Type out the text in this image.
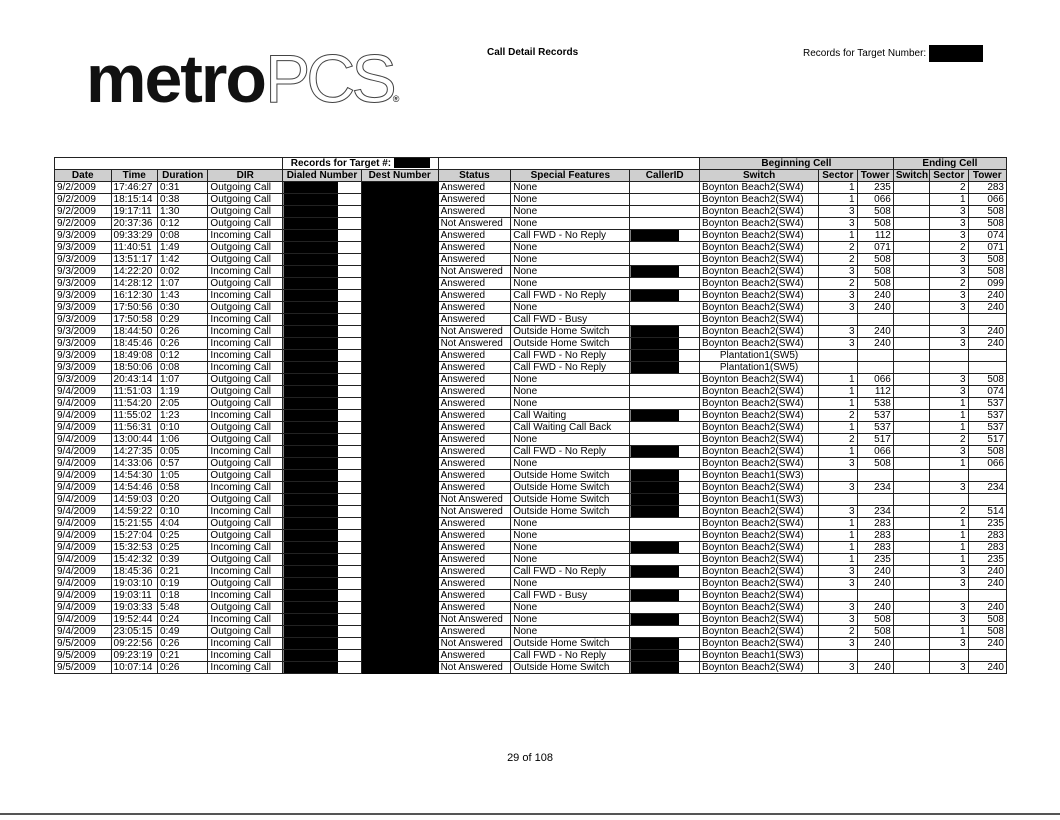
metroPCS®
Call Detail Records	Records for Target Number:
				Records for Target #:					Beginning Cell			Ending Cell		
Date	Time	Duration	DIR	Dialed Number	Dest Number	Status	Special Features	CallerID	Switch	Sector	Tower	Switch	Sector	Tower
9/2/2009	17:46:27	0:31	Outgoing Call			Answered	None		Boynton Beach2(SW4)	1	235		2	283
9/2/2009	18:15:14	0:38	Outgoing Call			Answered	None		Boynton Beach2(SW4)	1	066		1	066
9/2/2009	19:17:11	1:30	Outgoing Call			Answered	None		Boynton Beach2(SW4)	3	508		3	508
9/2/2009	20:37:36	0:12	Outgoing Call			Not Answered	None		Boynton Beach2(SW4)	3	508		3	508
9/3/2009	09:33:29	0:08	Incoming Call			Answered	Call FWD - No Reply		Boynton Beach2(SW4)	1	112		3	074
9/3/2009	11:40:51	1:49	Outgoing Call			Answered	None		Boynton Beach2(SW4)	2	071		2	071
9/3/2009	13:51:17	1:42	Outgoing Call			Answered	None		Boynton Beach2(SW4)	2	508		3	508
9/3/2009	14:22:20	0:02	Incoming Call			Not Answered	None		Boynton Beach2(SW4)	3	508		3	508
9/3/2009	14:28:12	1:07	Outgoing Call			Answered	None		Boynton Beach2(SW4)	2	508		2	099
9/3/2009	16:12:30	1:43	Incoming Call			Answered	Call FWD - No Reply		Boynton Beach2(SW4)	3	240		3	240
9/3/2009	17:50:56	0:30	Outgoing Call			Answered	None		Boynton Beach2(SW4)	3	240		3	240
9/3/2009	17:50:58	0:29	Incoming Call			Answered	Call FWD - Busy		Boynton Beach2(SW4)					
9/3/2009	18:44:50	0:26	Incoming Call			Not Answered	Outside Home Switch		Boynton Beach2(SW4)	3	240		3	240
9/3/2009	18:45:46	0:26	Incoming Call			Not Answered	Outside Home Switch		Boynton Beach2(SW4)	3	240		3	240
9/3/2009	18:49:08	0:12	Incoming Call			Answered	Call FWD - No Reply		Plantation1(SW5)					
9/3/2009	18:50:06	0:08	Incoming Call			Answered	Call FWD - No Reply		Plantation1(SW5)					
9/3/2009	20:43:14	1:07	Outgoing Call			Answered	None		Boynton Beach2(SW4)	1	066		3	508
9/4/2009	11:51:03	1:19	Outgoing Call			Answered	None		Boynton Beach2(SW4)	1	112		3	074
9/4/2009	11:54:20	2:05	Outgoing Call			Answered	None		Boynton Beach2(SW4)	1	538		1	537
9/4/2009	11:55:02	1:23	Incoming Call			Answered	Call Waiting		Boynton Beach2(SW4)	2	537		1	537
9/4/2009	11:56:31	0:10	Outgoing Call			Answered	Call Waiting Call Back		Boynton Beach2(SW4)	1	537		1	537
9/4/2009	13:00:44	1:06	Outgoing Call			Answered	None		Boynton Beach2(SW4)	2	517		2	517
9/4/2009	14:27:35	0:05	Incoming Call			Answered	Call FWD - No Reply		Boynton Beach2(SW4)	1	066		3	508
9/4/2009	14:33:06	0:57	Outgoing Call			Answered	None		Boynton Beach2(SW4)	3	508		1	066
9/4/2009	14:54:30	1:05	Outgoing Call			Answered	Outside Home Switch		Boynton Beach1(SW3)					
9/4/2009	14:54:46	0:58	Incoming Call			Answered	Outside Home Switch		Boynton Beach2(SW4)	3	234		3	234
9/4/2009	14:59:03	0:20	Outgoing Call			Not Answered	Outside Home Switch		Boynton Beach1(SW3)					
9/4/2009	14:59:22	0:10	Incoming Call			Not Answered	Outside Home Switch		Boynton Beach2(SW4)	3	234		2	514
9/4/2009	15:21:55	4:04	Outgoing Call			Answered	None		Boynton Beach2(SW4)	1	283		1	235
9/4/2009	15:27:04	0:25	Outgoing Call			Answered	None		Boynton Beach2(SW4)	1	283		1	283
9/4/2009	15:32:53	0:25	Incoming Call			Answered	None		Boynton Beach2(SW4)	1	283		1	283
9/4/2009	15:42:32	0:39	Outgoing Call			Answered	None		Boynton Beach2(SW4)	1	235		1	235
9/4/2009	18:45:36	0:21	Incoming Call			Answered	Call FWD - No Reply		Boynton Beach2(SW4)	3	240		3	240
9/4/2009	19:03:10	0:19	Outgoing Call			Answered	None		Boynton Beach2(SW4)	3	240		3	240
9/4/2009	19:03:11	0:18	Incoming Call			Answered	Call FWD - Busy		Boynton Beach2(SW4)					
9/4/2009	19:03:33	5:48	Outgoing Call			Answered	None		Boynton Beach2(SW4)	3	240		3	240
9/4/2009	19:52:44	0:24	Incoming Call			Not Answered	None		Boynton Beach2(SW4)	3	508		3	508
9/4/2009	23:05:15	0:49	Outgoing Call			Answered	None		Boynton Beach2(SW4)	2	508		1	508
9/5/2009	09:22:56	0:26	Incoming Call			Not Answered	Outside Home Switch		Boynton Beach2(SW4)	3	240		3	240
9/5/2009	09:23:19	0:21	Incoming Call			Answered	Call FWD - No Reply		Boynton Beach1(SW3)					
9/5/2009	10:07:14	0:26	Incoming Call			Not Answered	Outside Home Switch		Boynton Beach2(SW4)	3	240		3	240
29 of 108
